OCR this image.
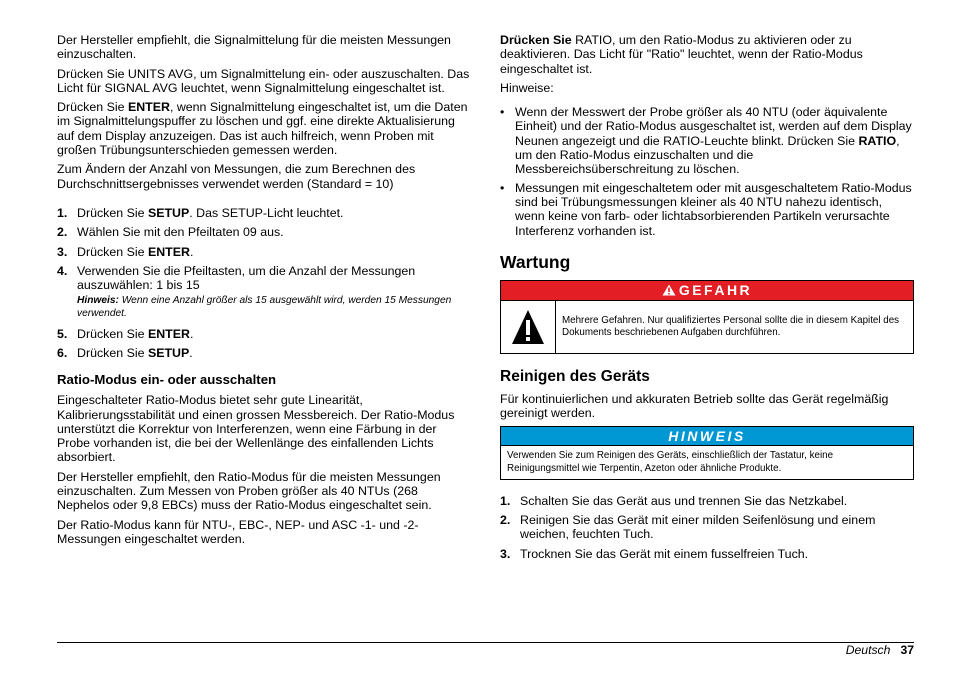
Der Hersteller empfiehlt, die Signalmittelung für die meisten Messungen einzuschalten.

Drücken Sie UNITS AVG, um Signalmittelung ein- oder auszuschalten. Das Licht für SIGNAL AVG leuchtet, wenn Signalmittelung eingeschaltet ist.

Drücken Sie ENTER, wenn Signalmittelung eingeschaltet ist, um die Daten im Signalmittelungspuffer zu löschen und ggf. eine direkte Aktualisierung auf dem Display anzuzeigen. Das ist auch hilfreich, wenn Proben mit großen Trübungsunterschieden gemessen werden.

Zum Ändern der Anzahl von Messungen, die zum Berechnen des Durchschnittsergebnisses verwendet werden (Standard = 10)

1. Drücken Sie SETUP. Das SETUP-Licht leuchtet.
2. Wählen Sie mit den Pfeiltaten 09 aus.
3. Drücken Sie ENTER.
4. Verwenden Sie die Pfeiltasten, um die Anzahl der Messungen auszuwählen: 1 bis 15
Hinweis: Wenn eine Anzahl größer als 15 ausgewählt wird, werden 15 Messungen verwendet.
5. Drücken Sie ENTER.
6. Drücken Sie SETUP.
Ratio-Modus ein- oder ausschalten

Eingeschalteter Ratio-Modus bietet sehr gute Linearität, Kalibrierungsstabilität und einen grossen Messbereich. Der Ratio-Modus unterstützt die Korrektur von Interferenzen, wenn eine Färbung in der Probe vorhanden ist, die bei der Wellenlänge des einfallenden Lichts absorbiert.

Der Hersteller empfiehlt, den Ratio-Modus für die meisten Messungen einzuschalten. Zum Messen von Proben größer als 40 NTUs (268 Nephelos oder 9,8 EBCs) muss der Ratio-Modus eingeschaltet sein.

Der Ratio-Modus kann für NTU-, EBC-, NEP- und ASC -1- und -2-Messungen eingeschaltet werden.

Drücken Sie RATIO, um den Ratio-Modus zu aktivieren oder zu deaktivieren. Das Licht für "Ratio" leuchtet, wenn der Ratio-Modus eingeschaltet ist.

Hinweise:

• Wenn der Messwert der Probe größer als 40 NTU (oder äquivalente Einheit) und der Ratio-Modus ausgeschaltet ist, werden auf dem Display Neunen angezeigt und die RATIO-Leuchte blinkt. Drücken Sie RATIO, um den Ratio-Modus einzuschalten und die Messbereichsüberschreitung zu löschen.
• Messungen mit eingeschaltetem oder mit ausgeschaltetem Ratio-Modus sind bei Trübungsmessungen kleiner als 40 NTU nahezu identisch, wenn keine von farb- oder lichtabsorbierenden Partikeln verursachte Interferenz vorhanden ist.
Wartung
GEFAHR
Mehrere Gefahren. Nur qualifiziertes Personal sollte die in diesem Kapitel des Dokuments beschriebenen Aufgaben durchführen.
Reinigen des Geräts

Für kontinuierlichen und akkuraten Betrieb sollte das Gerät regelmäßig gereinigt werden.

HINWEIS
Verwenden Sie zum Reinigen des Geräts, einschließlich der Tastatur, keine Reinigungsmittel wie Terpentin, Azeton oder ähnliche Produkte.
1. Schalten Sie das Gerät aus und trennen Sie das Netzkabel.
2. Reinigen Sie das Gerät mit einer milden Seifenlösung und einem weichen, feuchten Tuch.
3. Trocknen Sie das Gerät mit einem fusselfreien Tuch.
Deutsch 37
